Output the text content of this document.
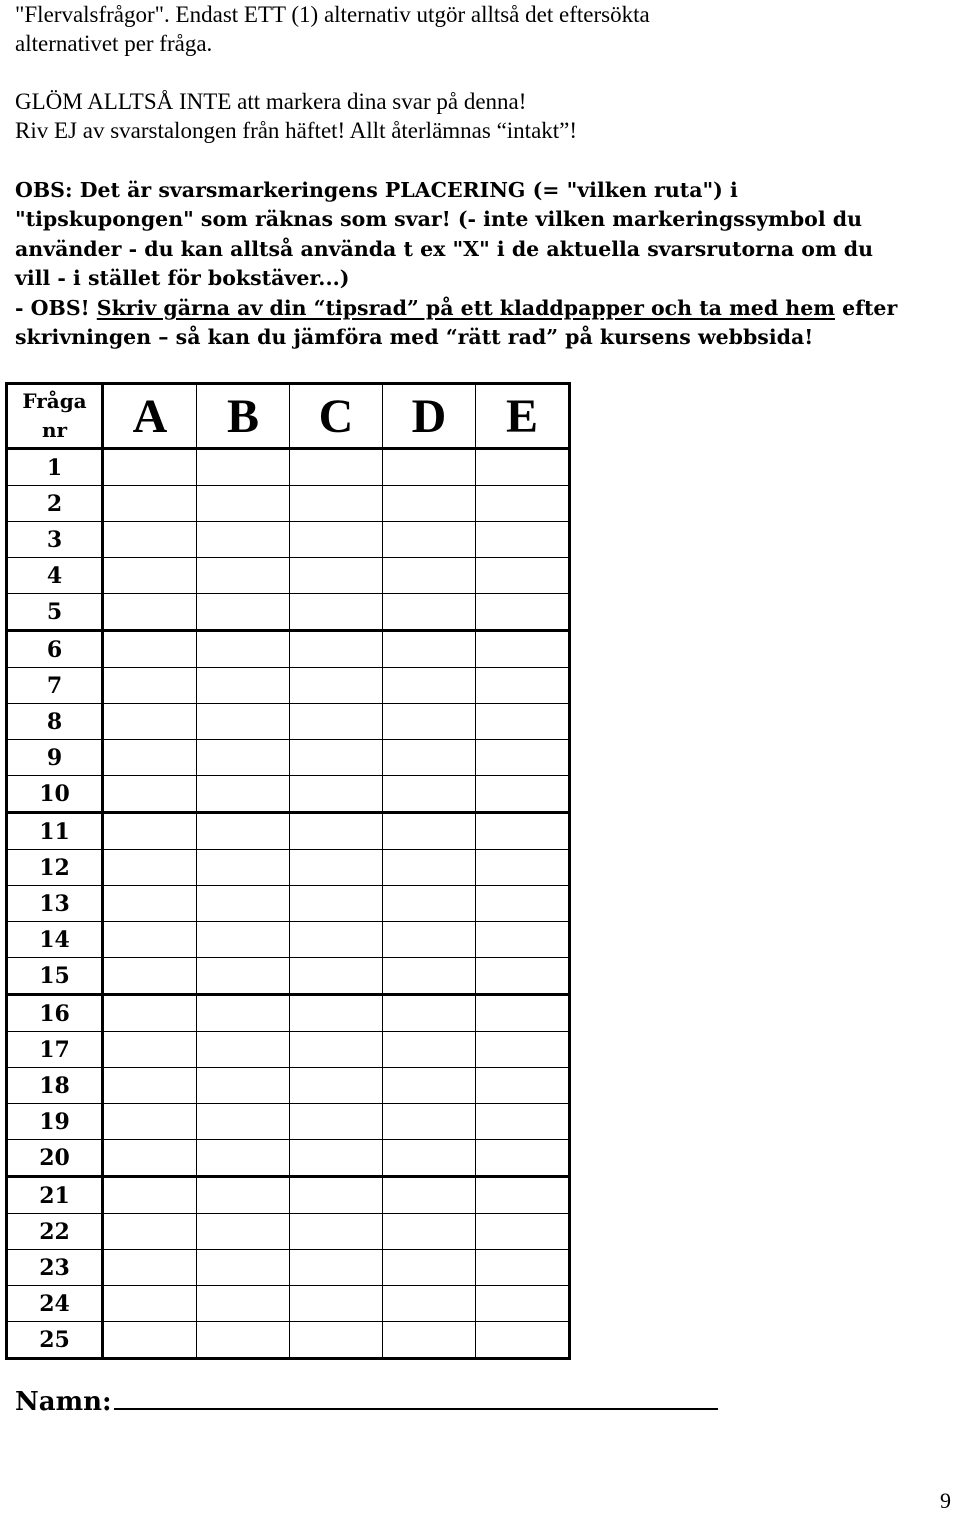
"Flervalsfrågor". Endast ETT (1) alternativ utgör alltså det eftersökta
alternativet per fråga.
GLÖM ALLTSÅ INTE att markera dina svar på denna!
Riv EJ av svarstalongen från häftet! Allt återlämnas “intakt”!
OBS: Det är svarsmarkeringens PLACERING (= "vilken ruta") i
"tipskupongen" som räknas som svar! (- inte vilken markeringssymbol du
använder - du kan alltså använda t ex "X" i de aktuella svarsrutorna om du
vill - i stället för bokstäver...)
- OBS! Skriv gärna av din “tipsrad” på ett kladdpapper och ta med hem efter
skrivningen – så kan du jämföra med “rätt rad” på kursens webbsida!
Fråga nr	A	B	C	D	E
1					
2					
3					
4					
5					
6					
7					
8					
9					
10					
11					
12					
13					
14					
15					
16					
17					
18					
19					
20					
21					
22					
23					
24					
25					
Namn:
9
